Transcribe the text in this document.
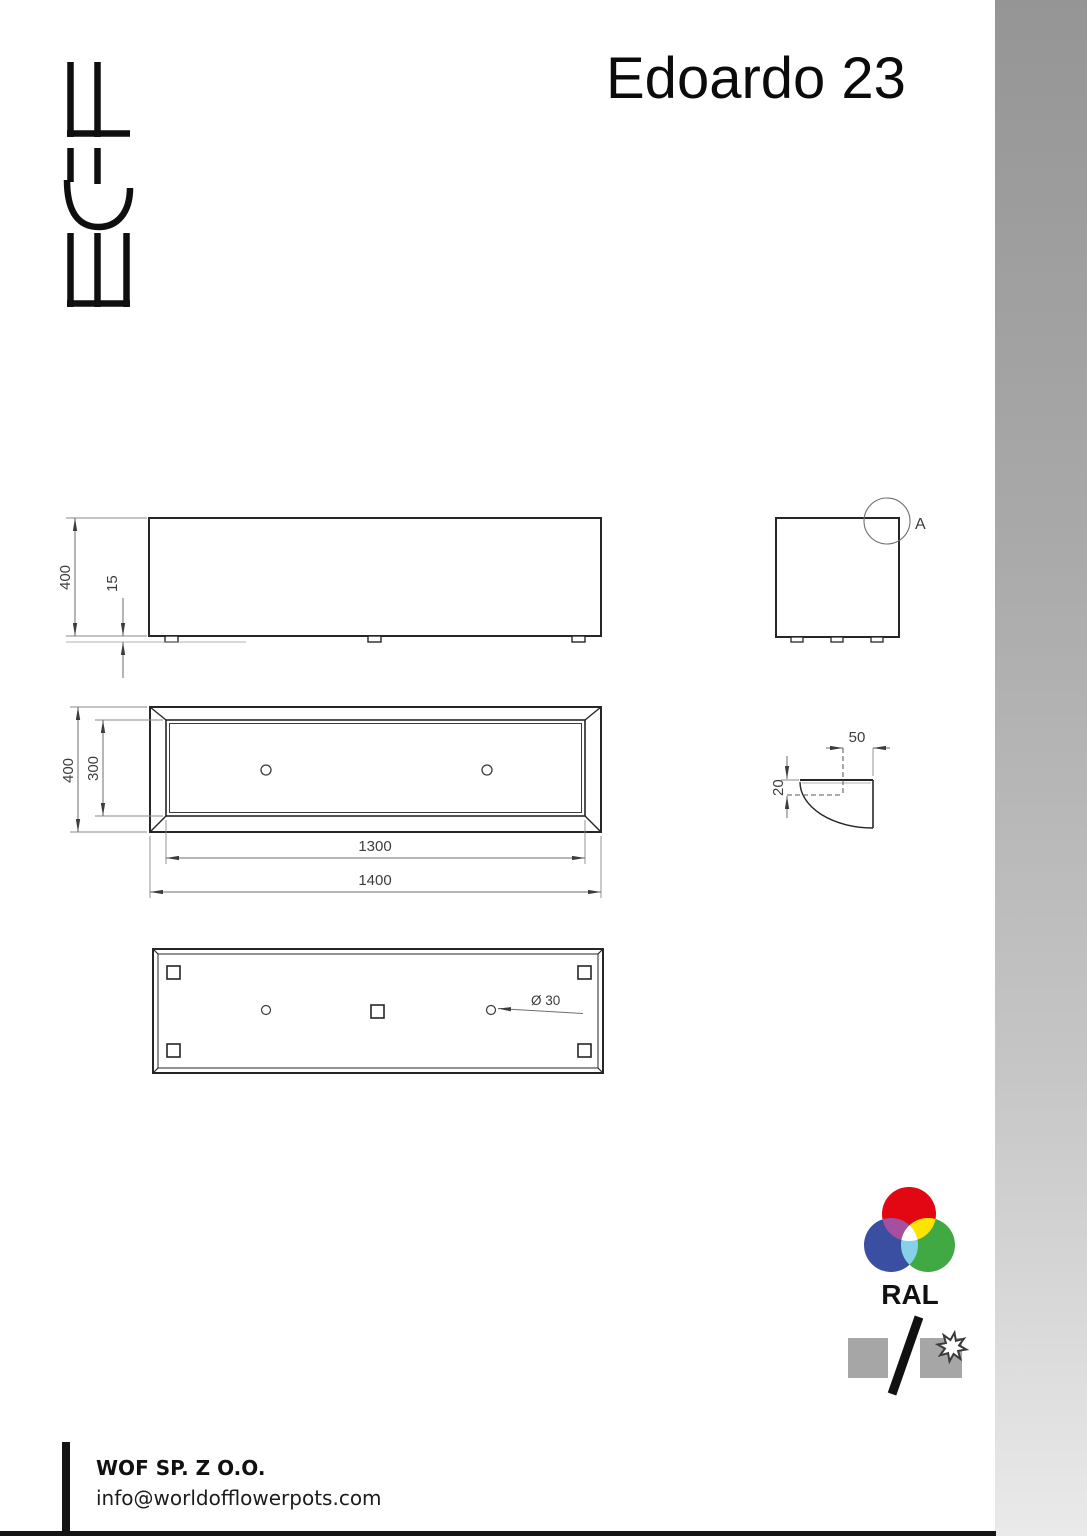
Edoardo 23
400 15
A
400 300
1300
1400
50
20
Ø 30
RAL
WOF SP. Z O.O.
info@worldofflowerpots.com
